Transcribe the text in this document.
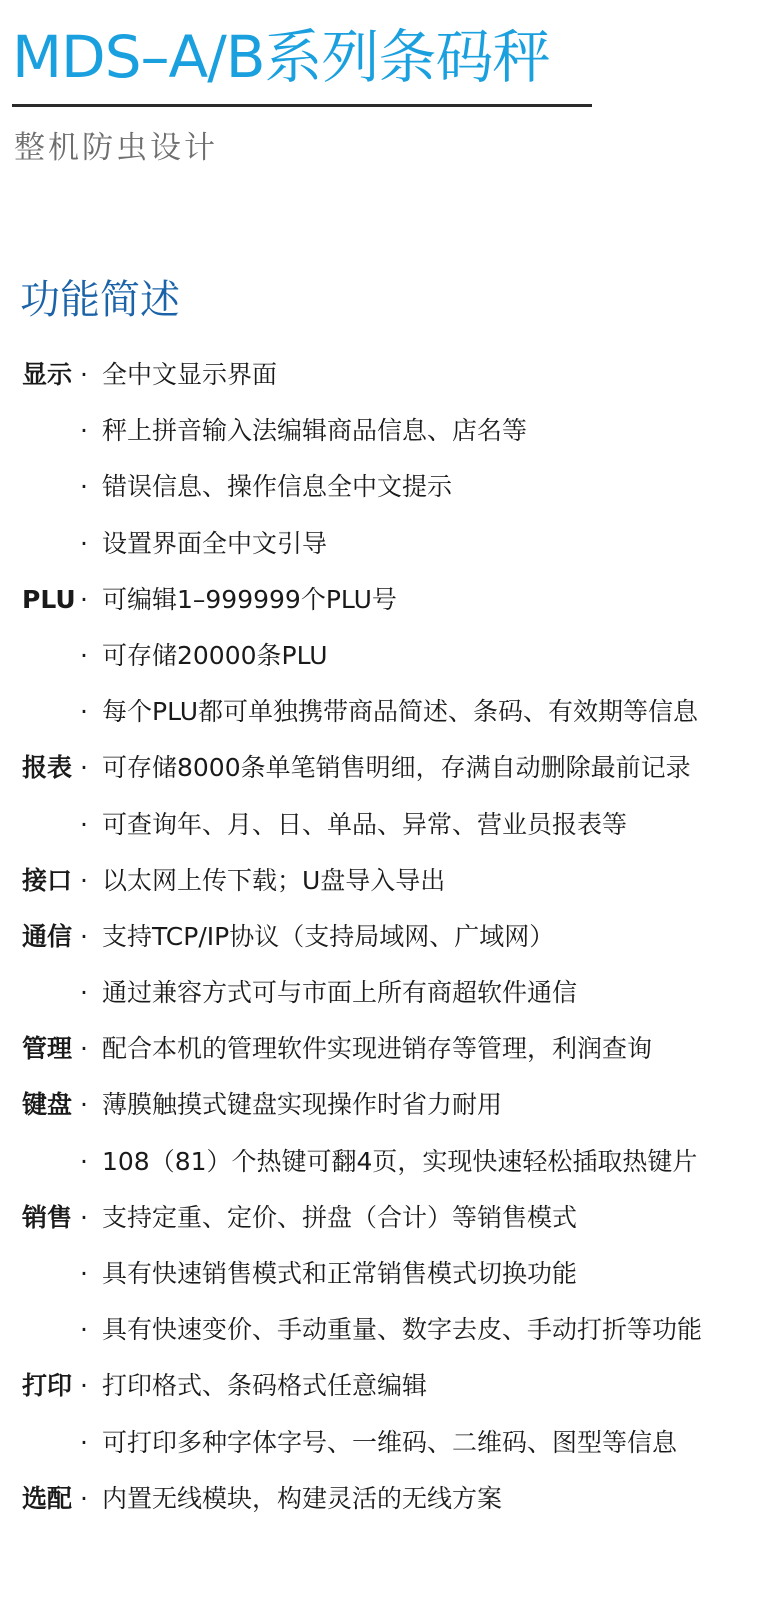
MDS–A/B系列条码秤
整机防虫设计
功能简述
显示 · 全中文显示界面
· 秤上拼音输入法编辑商品信息、店名等
· 错误信息、操作信息全中文提示
· 设置界面全中文引导
PLU · 可编辑1–999999个PLU号
· 可存储20000条PLU
· 每个PLU都可单独携带商品简述、条码、有效期等信息
报表 · 可存储8000条单笔销售明细，存满自动删除最前记录
· 可查询年、月、日、单品、异常、营业员报表等
接口 · 以太网上传下载；U盘导入导出
通信 · 支持TCP/IP协议（支持局域网、广域网）
· 通过兼容方式可与市面上所有商超软件通信
管理 · 配合本机的管理软件实现进销存等管理，利润查询
键盘 · 薄膜触摸式键盘实现操作时省力耐用
· 108（81）个热键可翻4页，实现快速轻松插取热键片
销售 · 支持定重、定价、拼盘（合计）等销售模式
· 具有快速销售模式和正常销售模式切换功能
· 具有快速变价、手动重量、数字去皮、手动打折等功能
打印 · 打印格式、条码格式任意编辑
· 可打印多种字体字号、一维码、二维码、图型等信息
选配 · 内置无线模块，构建灵活的无线方案
